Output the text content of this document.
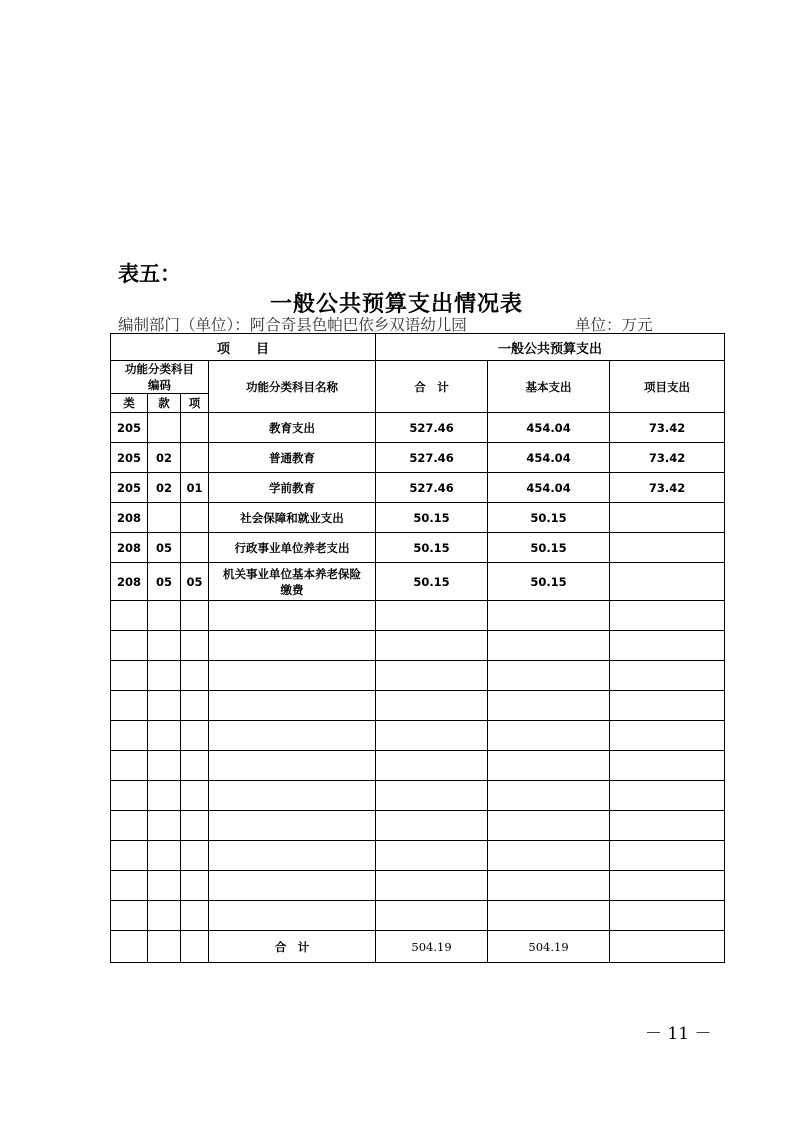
表五：
一般公共预算支出情况表
编制部门（单位）：阿合奇县色帕巴依乡双语幼儿园	单位：万元
项　　目				一般公共预算支出		

功能分类科目
编码			功能分类科目名称	合　计	基本支出	项目支出
类	款	项				
205			教育支出	527.46	454.04	73.42
205	02		普通教育	527.46	454.04	73.42
205	02	01	学前教育	527.46	454.04	73.42
208			社会保障和就业支出	50.15	50.15	
208	05		行政事业单位养老支出	50.15	50.15	
208	05	05	机关事业单位基本养老保险
缴费	50.15	50.15	

			合　计	504.19	504.19	
－ 11 －
